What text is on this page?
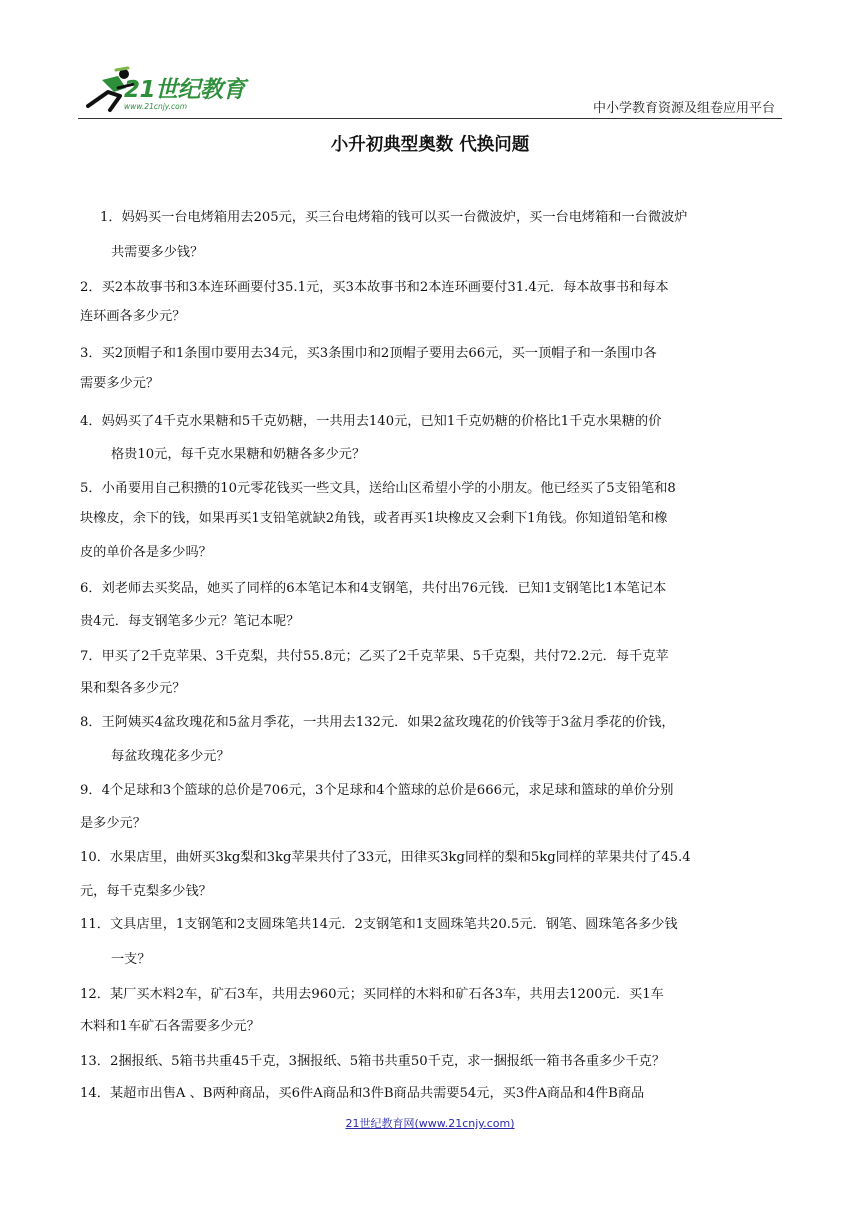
21世纪教育
www.21cnjy.com	中小学教育资源及组卷应用平台
小升初典型奥数 代换问题
1．妈妈买一台电烤箱用去205元，买三台电烤箱的钱可以买一台微波炉，买一台电烤箱和一台微波炉
共需要多少钱？
2．买2本故事书和3本连环画要付35.1元，买3本故事书和2本连环画要付31.4元．每本故事书和每本
连环画各多少元？
3．买2顶帽子和1条围巾要用去34元，买3条围巾和2顶帽子要用去66元，买一顶帽子和一条围巾各
需要多少元？
4．妈妈买了4千克水果糖和5千克奶糖，一共用去140元，已知1千克奶糖的价格比1千克水果糖的价
格贵10元，每千克水果糖和奶糖各多少元？
5．小甬要用自己积攒的10元零花钱买一些文具，送给山区希望小学的小朋友。他已经买了5支铅笔和8
块橡皮，余下的钱，如果再买1支铅笔就缺2角钱，或者再买1块橡皮又会剩下1角钱。你知道铅笔和橡
皮的单价各是多少吗？
6．刘老师去买奖品，她买了同样的6本笔记本和4支钢笔，共付出76元钱．已知1支钢笔比1本笔记本
贵4元．每支钢笔多少元？笔记本呢？
7．甲买了2千克苹果、3千克梨，共付55.8元；乙买了2千克苹果、5千克梨，共付72.2元．每千克苹
果和梨各多少元？
8．王阿姨买4盆玫瑰花和5盆月季花，一共用去132元．如果2盆玫瑰花的价钱等于3盆月季花的价钱，
每盆玫瑰花多少元？
9．4个足球和3个篮球的总价是706元，3个足球和4个篮球的总价是666元，求足球和篮球的单价分别
是多少元？
10．水果店里，曲妍买3kg梨和3kg苹果共付了33元，田律买3kg同样的梨和5kg同样的苹果共付了45.4
元，每千克梨多少钱？
11．文具店里，1支钢笔和2支圆珠笔共14元．2支钢笔和1支圆珠笔共20.5元．钢笔、圆珠笔各多少钱
一支？
12．某厂买木料2车，矿石3车，共用去960元；买同样的木料和矿石各3车，共用去1200元．买1车
木料和1车矿石各需要多少元？
13．2捆报纸、5箱书共重45千克，3捆报纸、5箱书共重50千克，求一捆报纸一箱书各重多少千克？
14．某超市出售A 、B两种商品，买6件A商品和3件B商品共需要54元，买3件A商品和4件B商品
21世纪教育网(www.21cnjy.com)
